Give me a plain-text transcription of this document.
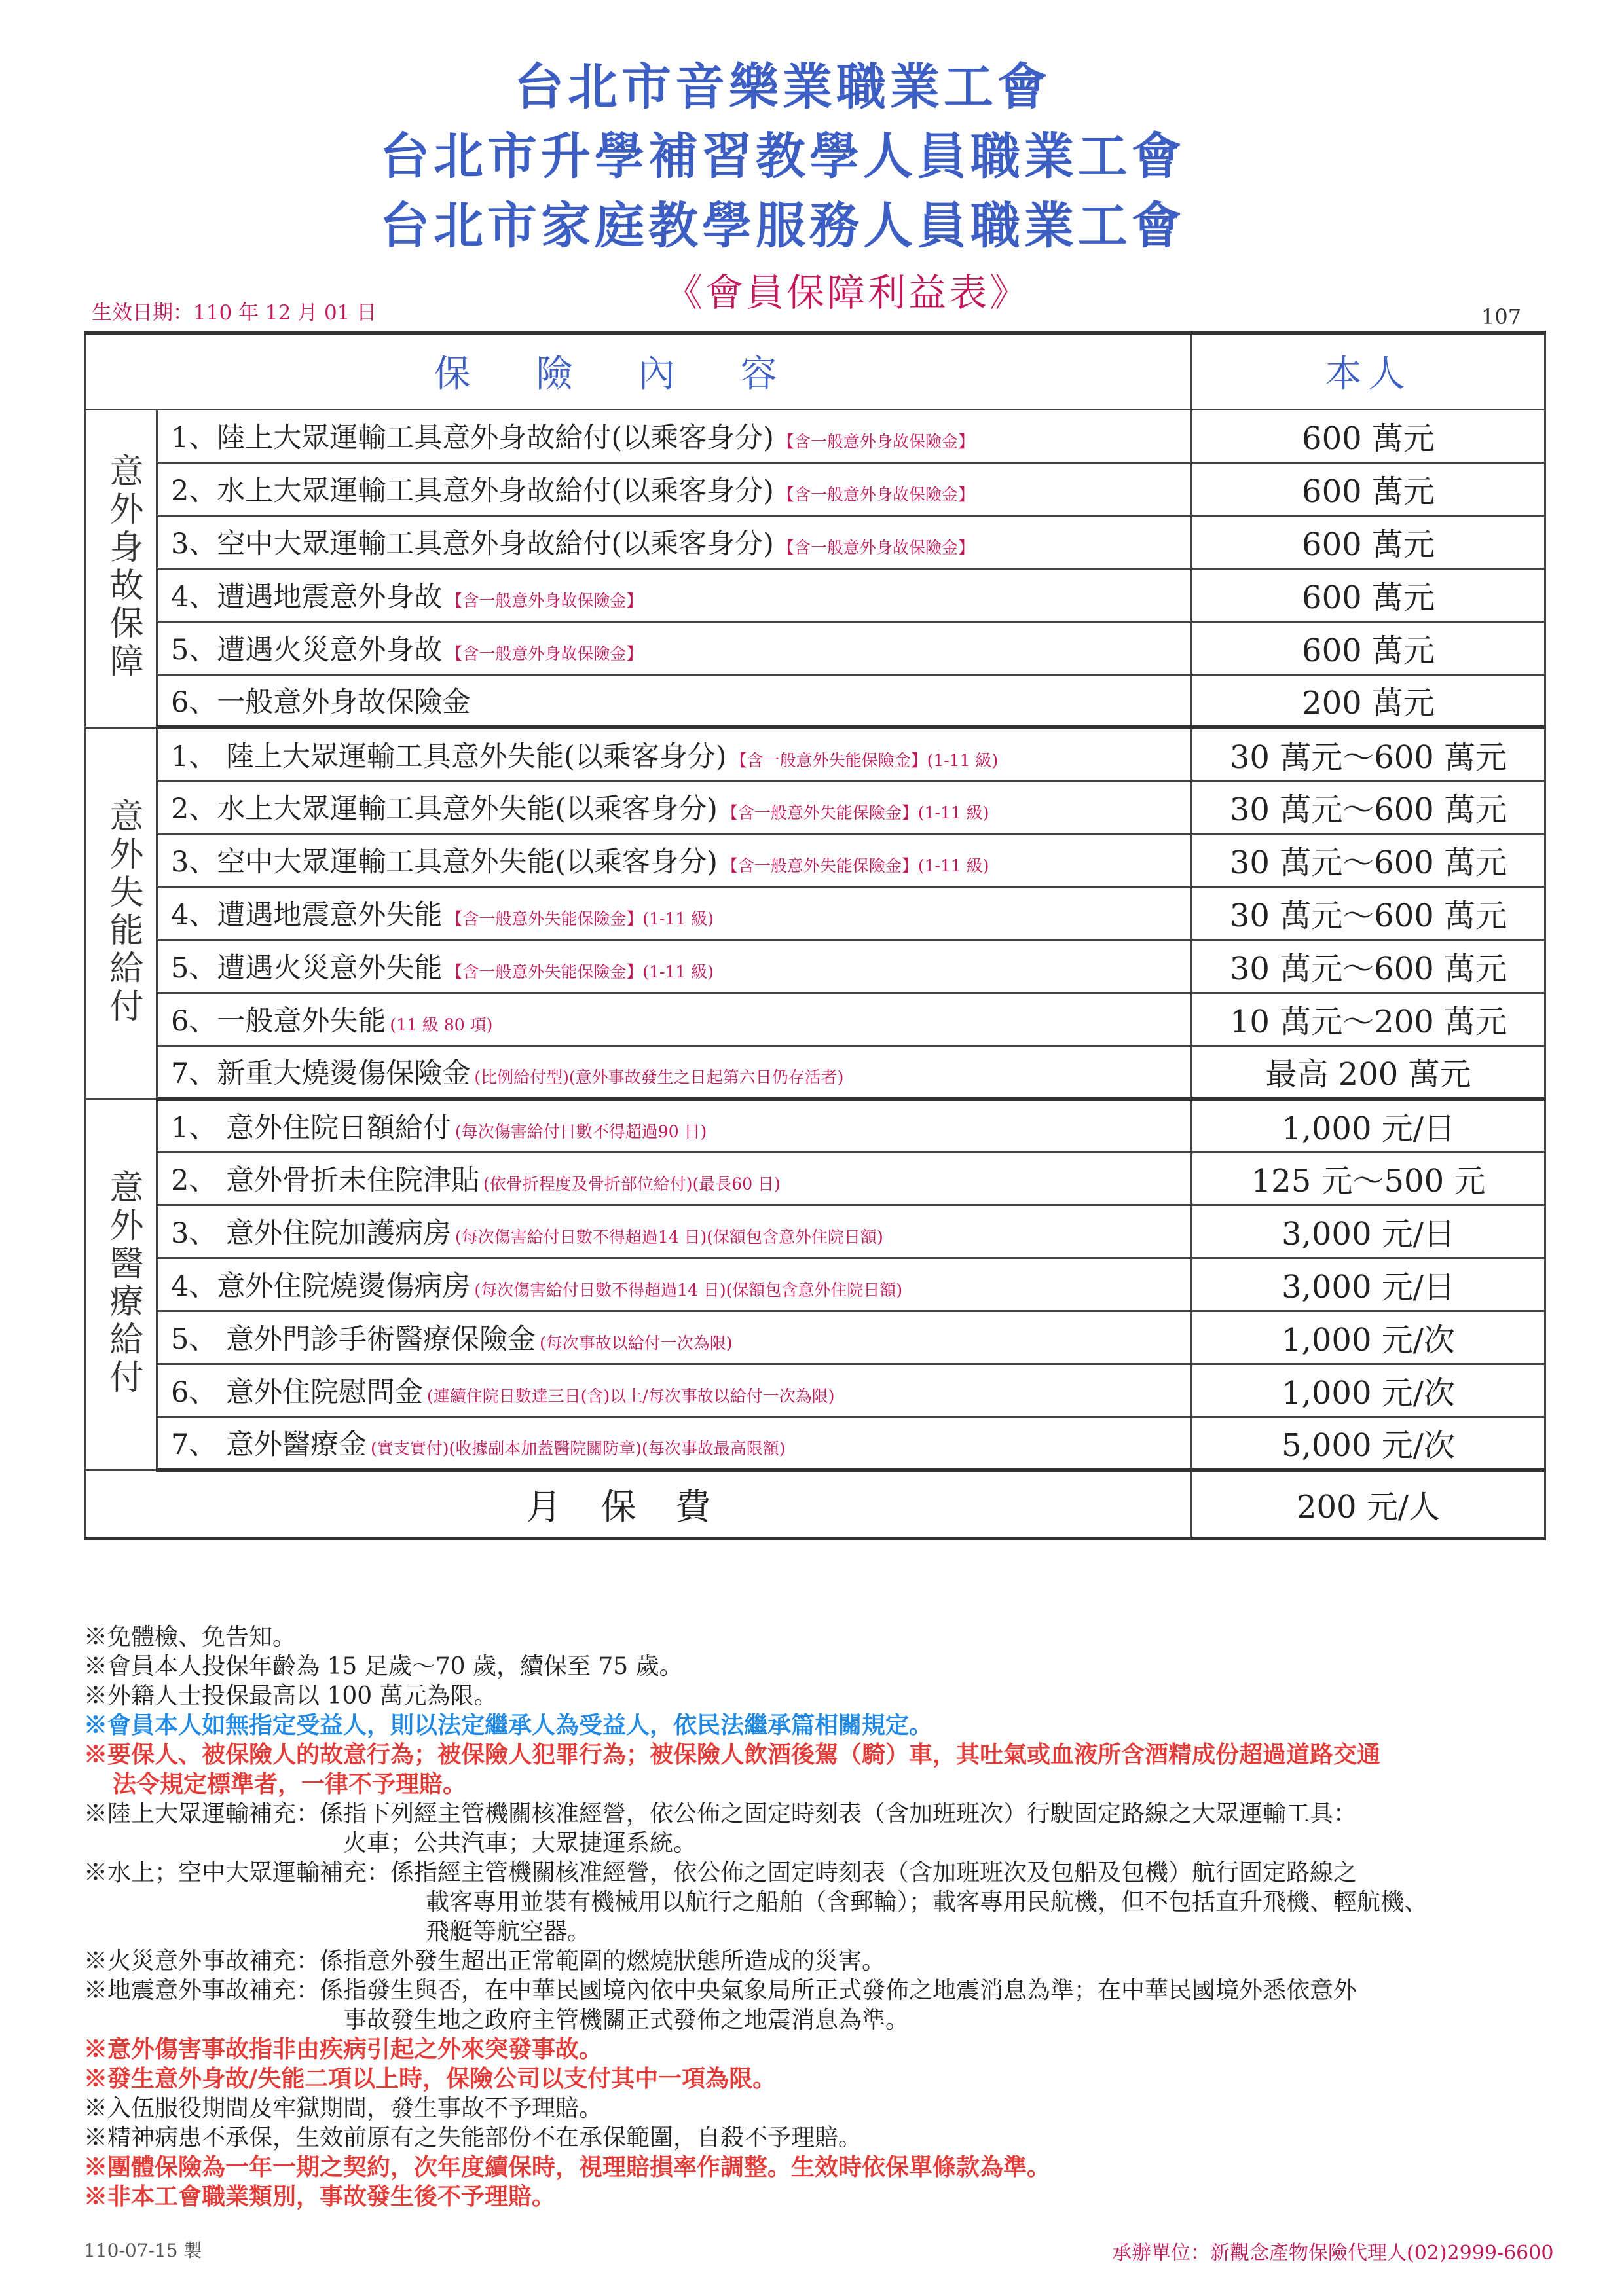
台北市音樂業職業工會
台北市升學補習教學人員職業工會
台北市家庭教學服務人員職業工會
《會員保障利益表》
生效日期：110 年 12 月 01 日	107
保險內容		本人
意外身故保障	1、陸上大眾運輸工具意外身故給付(以乘客身分) 【含一般意外身故保險金】	600 萬元
	2、水上大眾運輸工具意外身故給付(以乘客身分) 【含一般意外身故保險金】	600 萬元
	3、空中大眾運輸工具意外身故給付(以乘客身分) 【含一般意外身故保險金】	600 萬元
	4、遭遇地震意外身故 【含一般意外身故保險金】	600 萬元
	5、遭遇火災意外身故 【含一般意外身故保險金】	600 萬元
	6、一般意外身故保險金	200 萬元
意外失能給付	1、 陸上大眾運輸工具意外失能(以乘客身分) 【含一般意外失能保險金】(1-11 級)	30 萬元～600 萬元
	2、水上大眾運輸工具意外失能(以乘客身分) 【含一般意外失能保險金】(1-11 級)	30 萬元～600 萬元
	3、空中大眾運輸工具意外失能(以乘客身分) 【含一般意外失能保險金】(1-11 級)	30 萬元～600 萬元
	4、遭遇地震意外失能 【含一般意外失能保險金】(1-11 級)	30 萬元～600 萬元
	5、遭遇火災意外失能 【含一般意外失能保險金】(1-11 級)	30 萬元～600 萬元
	6、一般意外失能 (11 級 80 項)	10 萬元～200 萬元
	7、新重大燒燙傷保險金 (比例給付型)(意外事故發生之日起第六日仍存活者)	最高 200 萬元
意外醫療給付	1、 意外住院日額給付 (每次傷害給付日數不得超過90 日)	1,000 元/日
	2、 意外骨折未住院津貼 (依骨折程度及骨折部位給付)(最長60 日)	125 元～500 元
	3、 意外住院加護病房 (每次傷害給付日數不得超過14 日)(保額包含意外住院日額)	3,000 元/日
	4、意外住院燒燙傷病房 (每次傷害給付日數不得超過14 日)(保額包含意外住院日額)	3,000 元/日
	5、 意外門診手術醫療保險金 (每次事故以給付一次為限)	1,000 元/次
	6、 意外住院慰問金 (連續住院日數達三日(含)以上/每次事故以給付一次為限)	1,000 元/次
	7、 意外醫療金 (實支實付)(收據副本加蓋醫院關防章)(每次事故最高限額)	5,000 元/次
月保費		200 元/人
※免體檢、免告知。
※會員本人投保年齡為 15 足歲～70 歲，續保至 75 歲。
※外籍人士投保最高以 100 萬元為限。
※會員本人如無指定受益人，則以法定繼承人為受益人，依民法繼承篇相關規定。
※要保人、被保險人的故意行為；被保險人犯罪行為；被保險人飲酒後駕（騎）車，其吐氣或血液所含酒精成份超過道路交通
法令規定標準者，一律不予理賠。
※陸上大眾運輸補充：係指下列經主管機關核准經營，依公佈之固定時刻表（含加班班次）行駛固定路線之大眾運輸工具：
火車；公共汽車；大眾捷運系統。
※水上；空中大眾運輸補充：係指經主管機關核准經營，依公佈之固定時刻表（含加班班次及包船及包機）航行固定路線之
載客專用並裝有機械用以航行之船舶（含郵輪）；載客專用民航機，但不包括直升飛機、輕航機、
飛艇等航空器。
※火災意外事故補充：係指意外發生超出正常範圍的燃燒狀態所造成的災害。
※地震意外事故補充：係指發生與否，在中華民國境內依中央氣象局所正式發佈之地震消息為準；在中華民國境外悉依意外
事故發生地之政府主管機關正式發佈之地震消息為準。
※意外傷害事故指非由疾病引起之外來突發事故。
※發生意外身故/失能二項以上時，保險公司以支付其中一項為限。
※入伍服役期間及牢獄期間，發生事故不予理賠。
※精神病患不承保，生效前原有之失能部份不在承保範圍，自殺不予理賠。
※團體保險為一年一期之契約，次年度續保時，視理賠損率作調整。生效時依保單條款為準。
※非本工會職業類別，事故發生後不予理賠。
110-07-15 製	承辦單位：新觀念產物保險代理人(02)2999-6600
